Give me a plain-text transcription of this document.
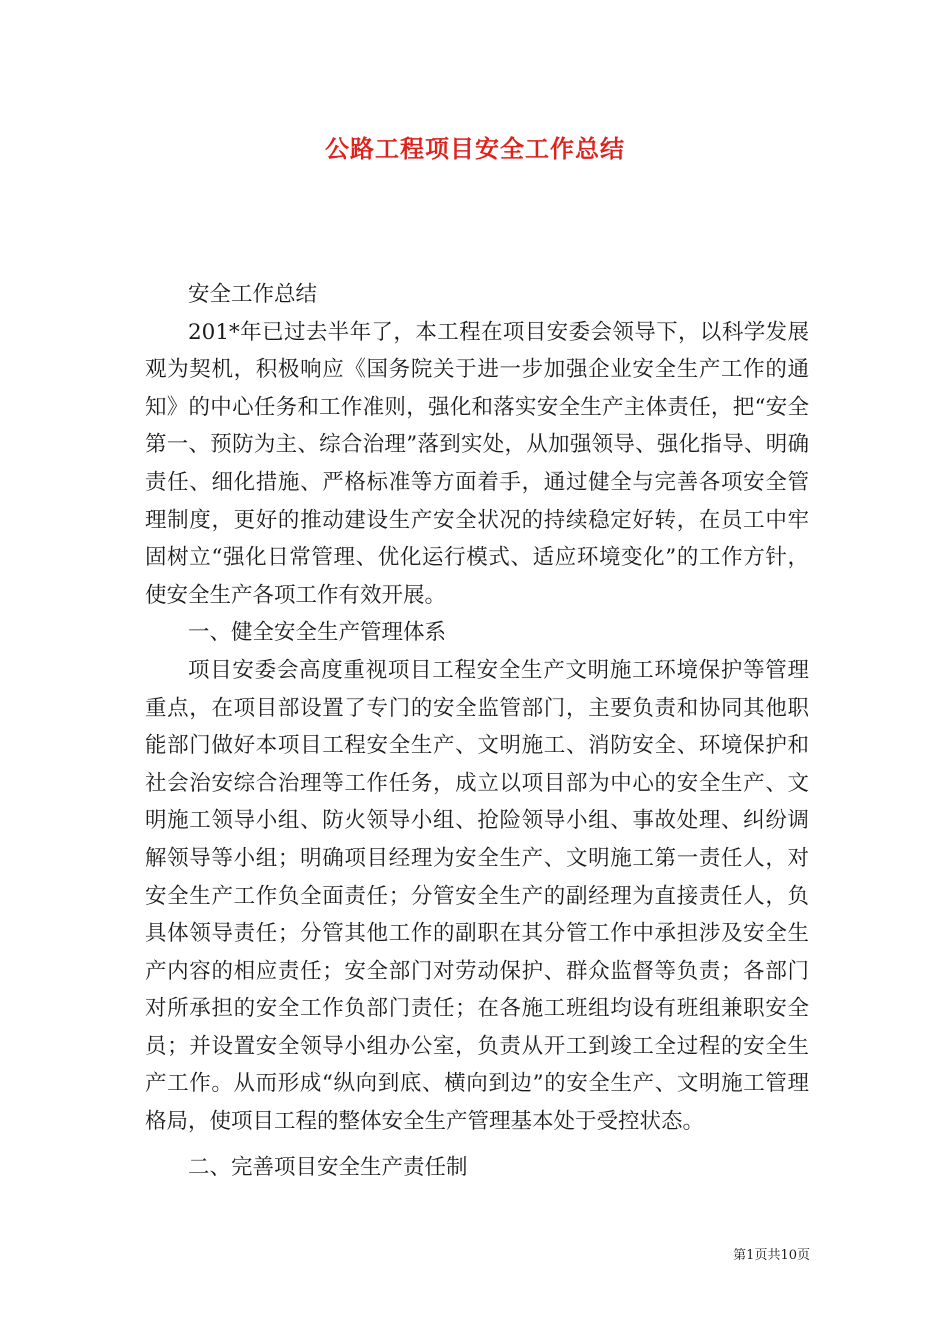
公路工程项目安全工作总结

安全工作总结

201*年已过去半年了，本工程在项目安委会领导下，以科学发展观为契机，积极响应《国务院关于进一步加强企业安全生产工作的通知》的中心任务和工作准则，强化和落实安全生产主体责任，把“安全第一、预防为主、综合治理”落到实处，从加强领导、强化指导、明确责任、细化措施、严格标准等方面着手，通过健全与完善各项安全管理制度，更好的推动建设生产安全状况的持续稳定好转，在员工中牢固树立“强化日常管理、优化运行模式、适应环境变化”的工作方针，使安全生产各项工作有效开展。

一、健全安全生产管理体系

项目安委会高度重视项目工程安全生产文明施工环境保护等管理重点，在项目部设置了专门的安全监管部门，主要负责和协同其他职能部门做好本项目工程安全生产、文明施工、消防安全、环境保护和社会治安综合治理等工作任务，成立以项目部为中心的安全生产、文明施工领导小组、防火领导小组、抢险领导小组、事故处理、纠纷调解领导等小组；明确项目经理为安全生产、文明施工第一责任人，对安全生产工作负全面责任；分管安全生产的副经理为直接责任人，负具体领导责任；分管其他工作的副职在其分管工作中承担涉及安全生产内容的相应责任；安全部门对劳动保护、群众监督等负责；各部门对所承担的安全工作负部门责任；在各施工班组均设有班组兼职安全员；并设置安全领导小组办公室，负责从开工到竣工全过程的安全生产工作。从而形成“纵向到底、横向到边”的安全生产、文明施工管理格局，使项目工程的整体安全生产管理基本处于受控状态。

二、完善项目安全生产责任制

第1页共10页
